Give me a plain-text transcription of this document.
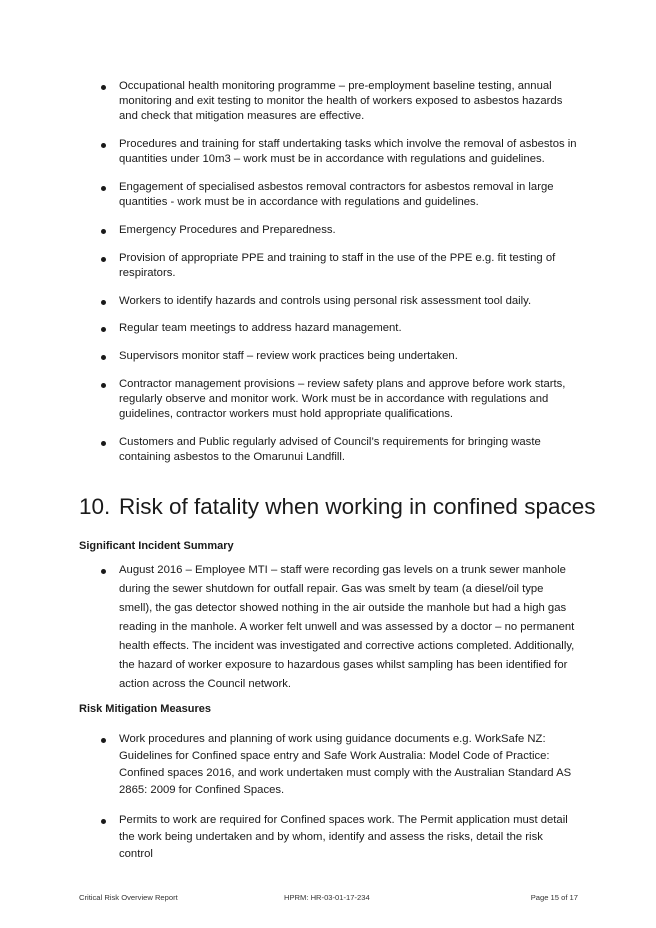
Occupational health monitoring programme – pre-employment baseline testing, annual monitoring and exit testing to monitor the health of workers exposed to asbestos hazards and check that mitigation measures are effective.
Procedures and training for staff undertaking tasks which involve the removal of asbestos in quantities under 10m3 – work must be in accordance with regulations and guidelines.
Engagement of specialised asbestos removal contractors for asbestos removal in large quantities - work must be in accordance with regulations and guidelines.
Emergency Procedures and Preparedness.
Provision of appropriate PPE and training to staff in the use of the PPE e.g. fit testing of respirators.
Workers to identify hazards and controls using personal risk assessment tool daily.
Regular team meetings to address hazard management.
Supervisors monitor staff – review work practices being undertaken.
Contractor management provisions – review safety plans and approve before work starts, regularly observe and monitor work. Work must be in accordance with regulations and guidelines, contractor workers must hold appropriate qualifications.
Customers and Public regularly advised of Council’s requirements for bringing waste containing asbestos to the Omarunui Landfill.
10. Risk of fatality when working in confined spaces
Significant Incident Summary
August 2016 – Employee MTI – staff were recording gas levels on a trunk sewer manhole during the sewer shutdown for outfall repair. Gas was smelt by team (a diesel/oil type smell), the gas detector showed nothing in the air outside the manhole but had a high gas reading in the manhole. A worker felt unwell and was assessed by a doctor – no permanent health effects. The incident was investigated and corrective actions completed. Additionally, the hazard of worker exposure to hazardous gases whilst sampling has been identified for action across the Council network.
Risk Mitigation Measures
Work procedures and planning of work using guidance documents e.g. WorkSafe NZ: Guidelines for Confined space entry and Safe Work Australia: Model Code of Practice: Confined spaces 2016, and work undertaken must comply with the Australian Standard AS 2865: 2009 for Confined Spaces.
Permits to work are required for Confined spaces work. The Permit application must detail the work being undertaken and by whom, identify and assess the risks, detail the risk control
Critical Risk Overview Report	HPRM: HR-03-01-17-234	Page 15 of 17
